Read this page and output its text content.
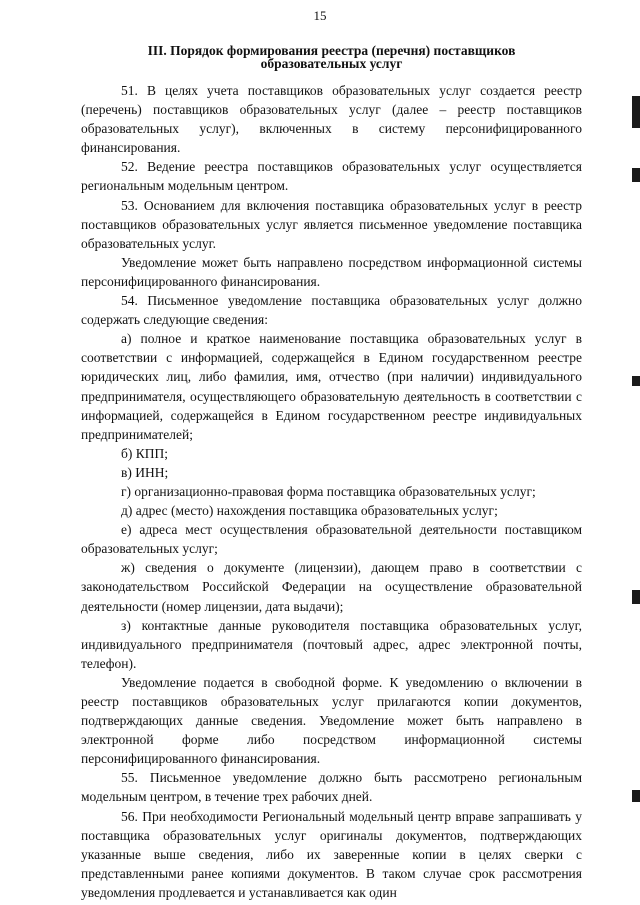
15
III. Порядок формирования реестра (перечня) поставщиков
образовательных услуг

51. В целях учета поставщиков образовательных услуг создается реестр (перечень) поставщиков образовательных услуг (далее – реестр поставщиков образовательных услуг), включенных в систему персонифицированного финансирования.

52. Ведение реестра поставщиков образовательных услуг осуществляется региональным модельным центром.

53. Основанием для включения поставщика образовательных услуг в реестр поставщиков образовательных услуг является письменное уведомление поставщика образовательных услуг.

Уведомление может быть направлено посредством информационной системы персонифицированного финансирования.

54. Письменное уведомление поставщика образовательных услуг должно содержать следующие сведения:

а) полное и краткое наименование поставщика образовательных услуг в соответствии с информацией, содержащейся в Едином государственном реестре юридических лиц, либо фамилия, имя, отчество (при наличии) индивидуального предпринимателя, осуществляющего образовательную деятельность в соответствии с информацией, содержащейся в Едином государственном реестре индивидуальных предпринимателей;

б) КПП;

в) ИНН;

г) организационно-правовая форма поставщика образовательных услуг;

д) адрес (место) нахождения поставщика образовательных услуг;

е) адреса мест осуществления образовательной деятельности поставщиком образовательных услуг;

ж) сведения о документе (лицензии), дающем право в соответствии с законодательством Российской Федерации на осуществление образовательной деятельности (номер лицензии, дата выдачи);

з) контактные данные руководителя поставщика образовательных услуг, индивидуального предпринимателя (почтовый адрес, адрес электронной почты, телефон).

Уведомление подается в свободной форме. К уведомлению о включении в реестр поставщиков образовательных услуг прилагаются копии документов, подтверждающих данные сведения. Уведомление может быть направлено в электронной форме либо посредством информационной системы персонифицированного финансирования.

55. Письменное уведомление должно быть рассмотрено региональным модельным центром, в течение трех рабочих дней.

56. При необходимости Региональный модельный центр вправе запрашивать у поставщика образовательных услуг оригиналы документов, подтверждающих указанные выше сведения, либо их заверенные копии в целях сверки с представленными ранее копиями документов. В таком случае срок рассмотрения уведомления продлевается и устанавливается как один
